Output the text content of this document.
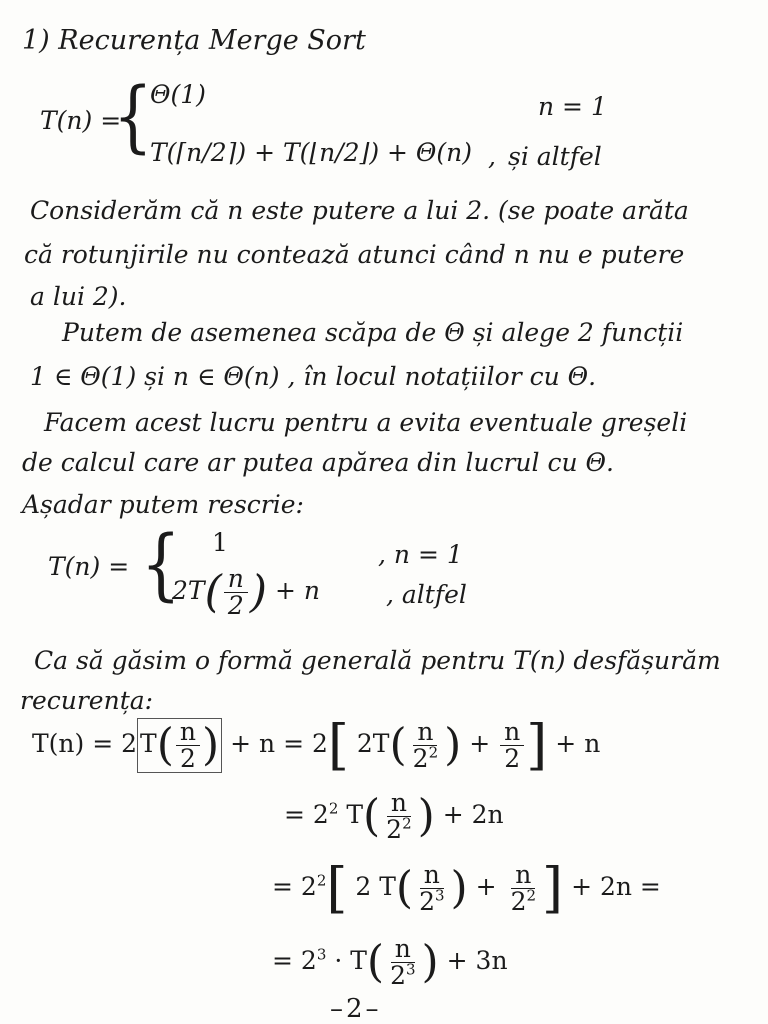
1) Recurența Merge Sort
T(n) =
{
Θ(1)	n = 1
T(⌈n/2⌉) + T(⌊n/2⌋) + Θ(n) , și altfel
Considerăm că n este putere a lui 2. (se poate arăta
că rotunjirile nu contează atunci când n nu e putere
a lui 2).
Putem de asemenea scăpa de Θ și alege 2 funcții
1 ∈ Θ(1) și n ∈ Θ(n) , în locul notațiilor cu Θ.
Facem acest lucru pentru a evita eventuale greșeli
de calcul care ar putea apărea din lucrul cu Θ.
Așadar putem rescrie:
T(n) = { 1	, n = 1
$2T( \frac{n}{2}$ ) + n	, altfel
Ca să găsim o formă generală pentru T(n) desfășurăm
recurența:
T(n) = 2 $T( \frac{n}{2}$ ) + n = 2[ $2T( \frac{n}{2^2}$ ) + $\frac{n}{2}$ ] + n
= $2^2$ $T( \frac{n}{2^2}$ ) + 2n
= $2^2$[ 2 $T( \frac{n}{2^3}$ ) + $\frac{n}{2^2}$ ] + 2n =
= $2^3 \cdot T( \frac{n}{2^3}$ ) + 3n
–2–
